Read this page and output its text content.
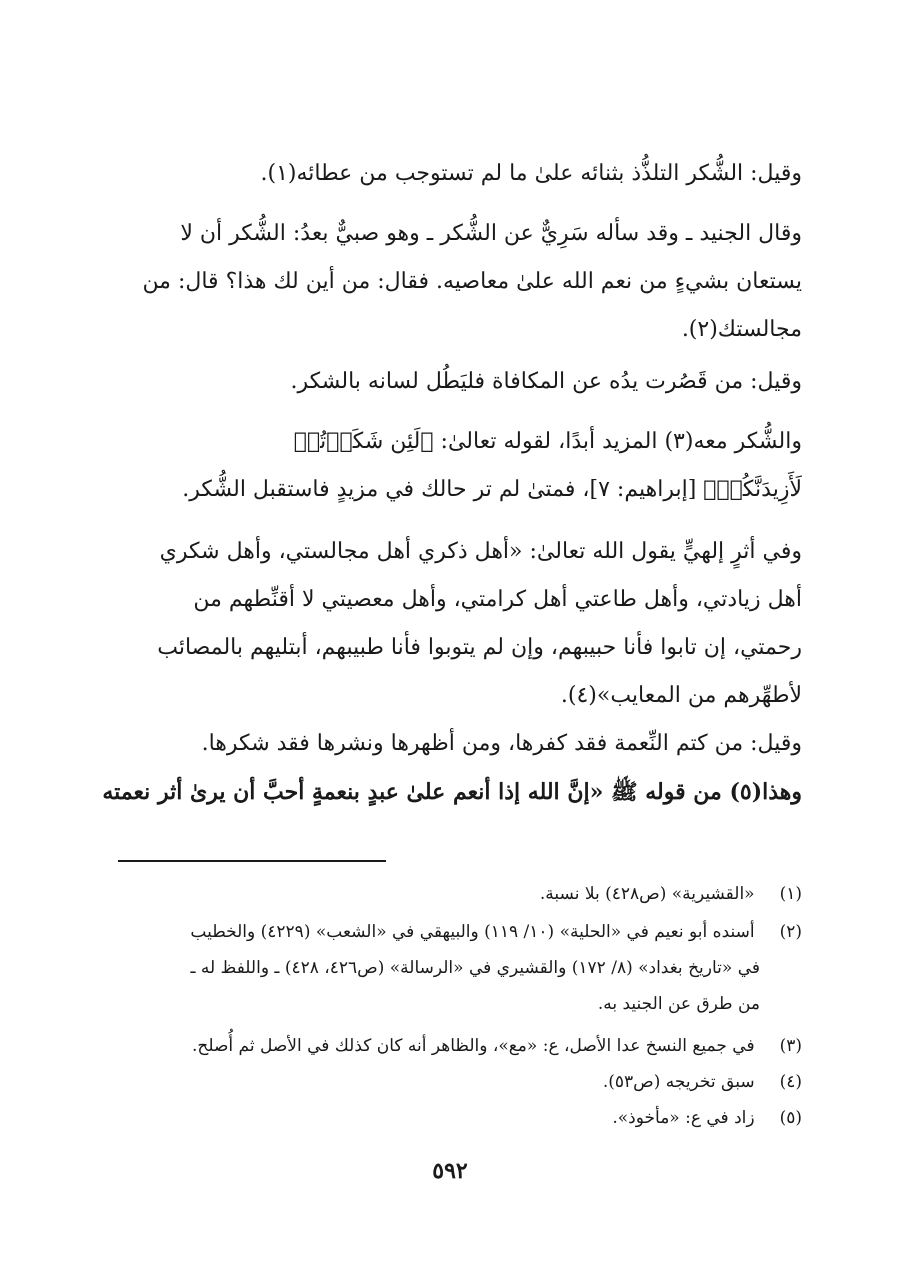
وقيل: الشُّكر التلذُّذ بثنائه علىٰ ما لم تستوجب من عطائه(١).
وقال الجنيد ـ وقد سأله سَرِيٌّ عن الشُّكر ـ وهو صبيٌّ بعدُ: الشُّكر أن لا
يستعان بشيءٍ من نعم الله علىٰ معاصيه. فقال: من أين لك هذا؟ قال: من
مجالستك(٢).
وقيل: من قَصُرت يدُه عن المكافاة فليَطُل لسانه بالشكر.
والشُّكر معه(٣) المزيد أبدًا، لقوله تعالىٰ: ﴿لَئِن شَكَرۡتُمۡ
لَأَزِيدَنَّكُمۡ﴾ [إبراهيم: ٧]، فمتىٰ لم تر حالك في مزيدٍ فاستقبل الشُّكر.
وفي أثرٍ إلهيٍّ يقول الله تعالىٰ: «أهل ذكري أهل مجالستي، وأهل شكري
أهل زيادتي، وأهل طاعتي أهل كرامتي، وأهل معصيتي لا أقنِّطهم من
رحمتي، إن تابوا فأنا حبيبهم، وإن لم يتوبوا فأنا طبيبهم، أبتليهم بالمصائب
لأطهِّرهم من المعايب»(٤).
وقيل: من كتم النِّعمة فقد كفرها، ومن أظهرها ونشرها فقد شكرها.
وهذا(٥) من قوله ﷺ «إنَّ الله إذا أنعم علىٰ عبدٍ بنعمةٍ أحبَّ أن يرىٰ أثر نعمته
(١) «القشيرية» (ص٤٢٨) بلا نسبة.
(٢) أسنده أبو نعيم في «الحلية» (١٠/ ١١٩) والبيهقي في «الشعب» (٤٢٢٩) والخطيب
في «تاريخ بغداد» (٨/ ١٧٢) والقشيري في «الرسالة» (ص٤٢٦، ٤٢٨) ـ واللفظ له ـ
من طرق عن الجنيد به.
(٣) في جميع النسخ عدا الأصل، ع: «مع»، والظاهر أنه كان كذلك في الأصل ثم أُصلح.
(٤) سبق تخريجه (ص٥٣).
(٥) زاد في ع: «مأخوذ».
٥٩٢
